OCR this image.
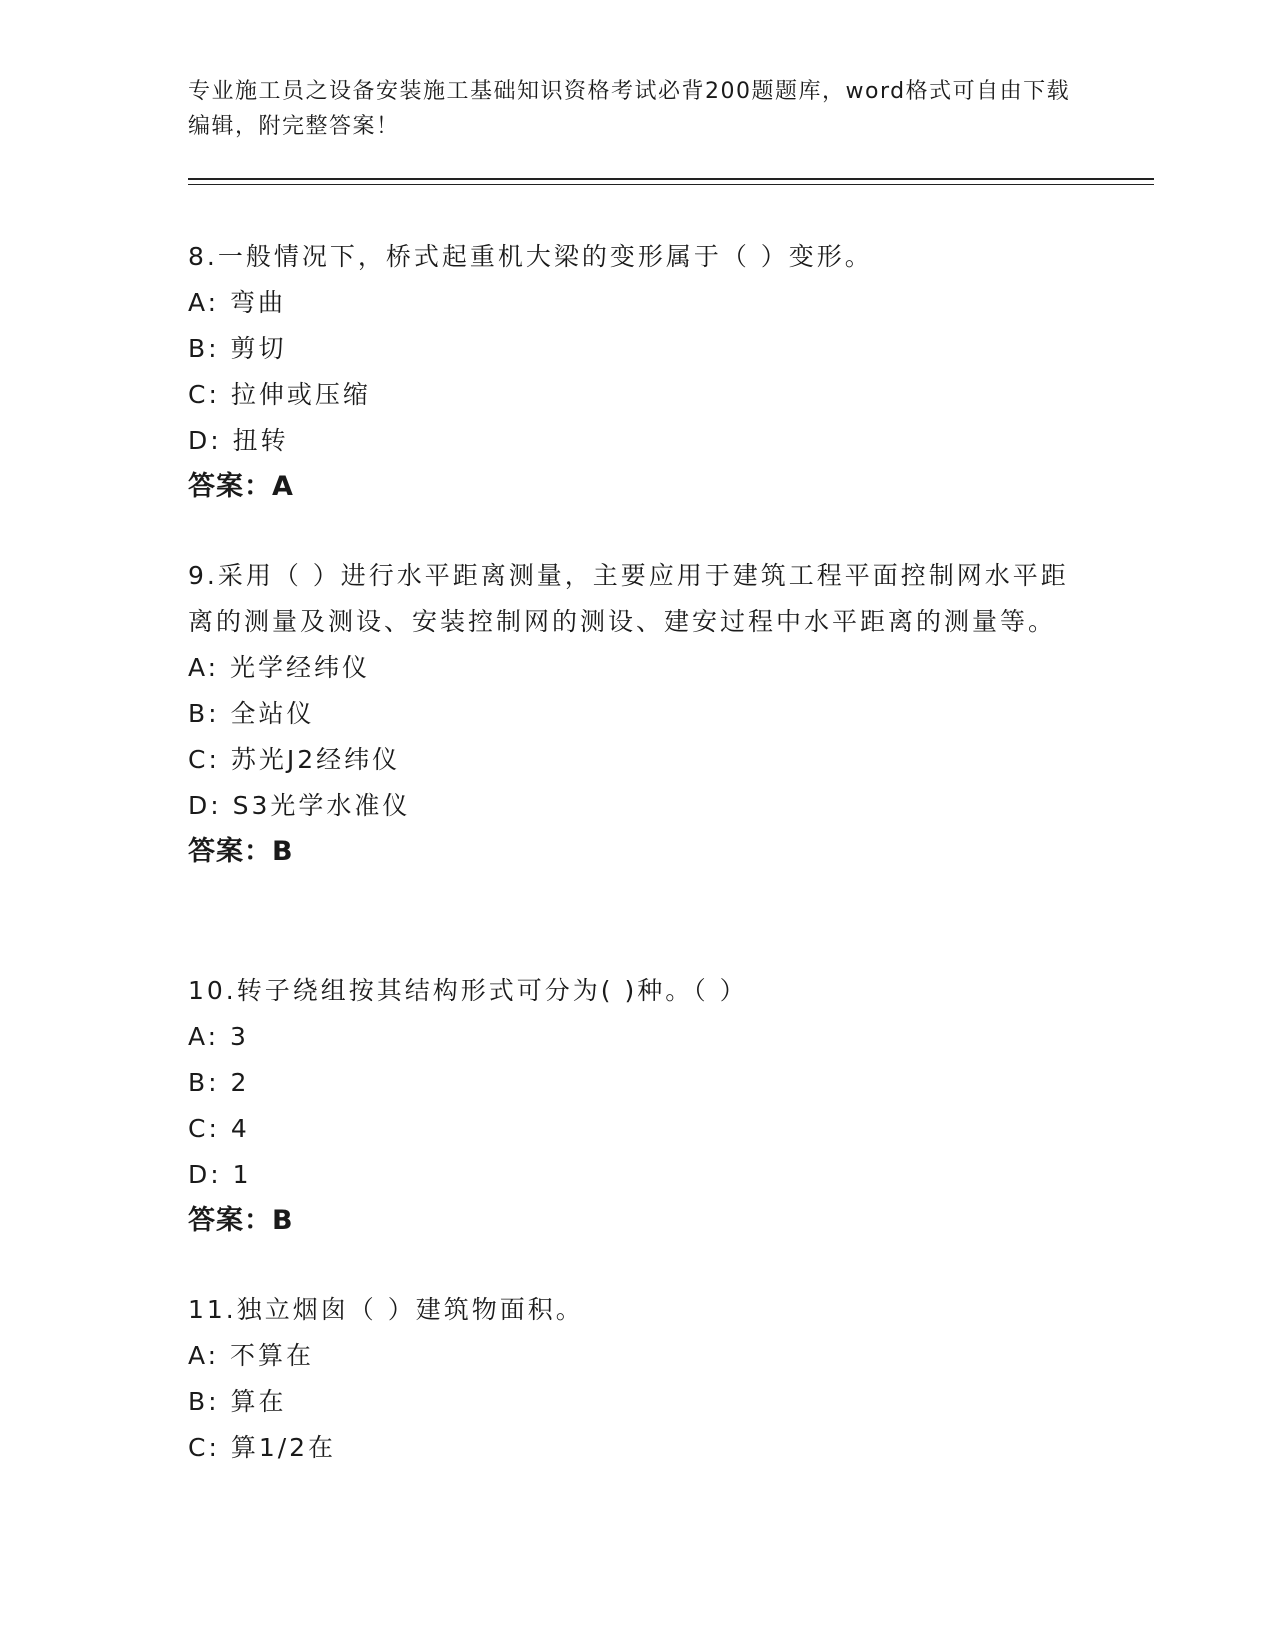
专业施工员之设备安装施工基础知识资格考试必背200题题库，word格式可自由下载编辑，附完整答案！

8.一般情况下，桥式起重机大梁的变形属于（ ）变形。

A: 弯曲
B: 剪切
C: 拉伸或压缩
D: 扭转

答案：A

9.采用（ ）进行水平距离测量，主要应用于建筑工程平面控制网水平距离的测量及测设、安装控制网的测设、建安过程中水平距离的测量等。

A: 光学经纬仪
B: 全站仪
C: 苏光J2经纬仪
D: S3光学水准仪

答案：B

10.转子绕组按其结构形式可分为( )种。（ ）

A: 3
B: 2
C: 4
D: 1

答案：B

11.独立烟囱（ ）建筑物面积。

A: 不算在
B: 算在
C: 算1/2在
